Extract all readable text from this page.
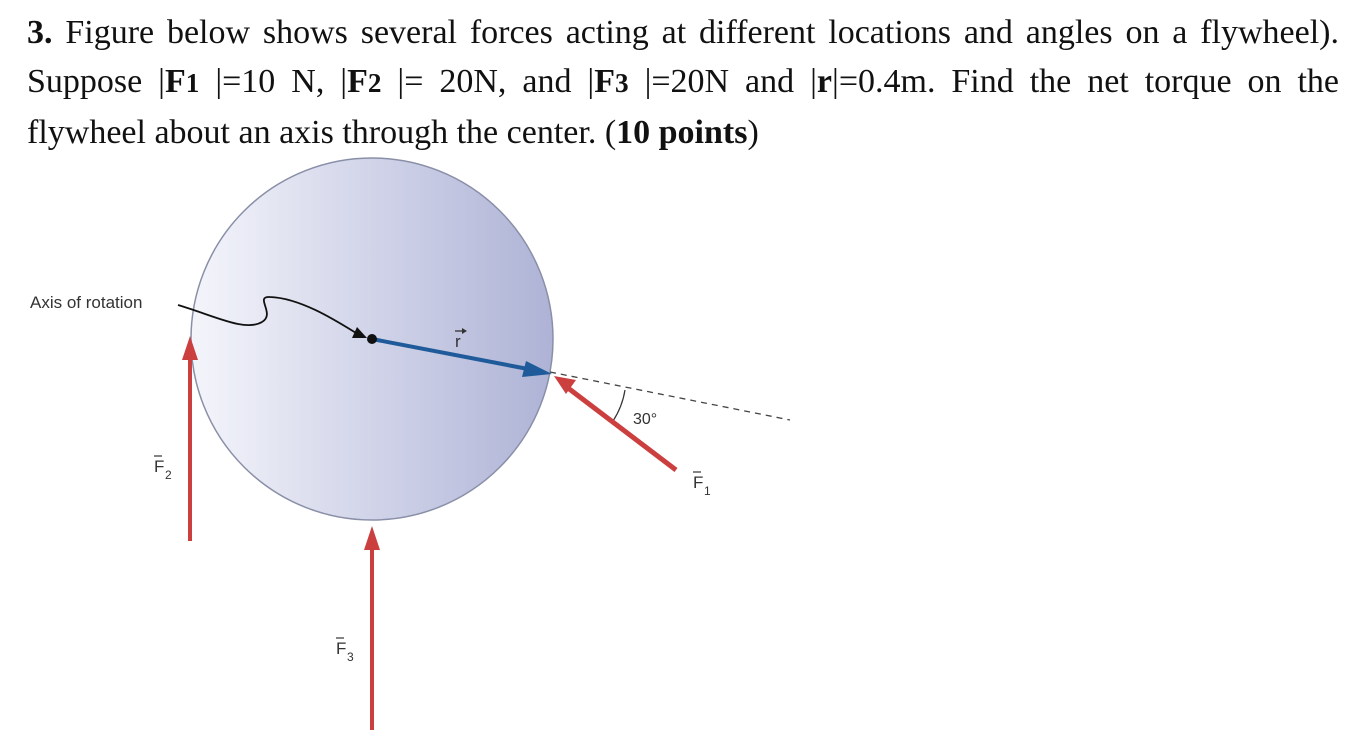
3. Figure below shows several forces acting at different locations and angles on a flywheel). Suppose |F1 |=10 N, |F2 |= 20N, and |F3 |=20N and |r|=0.4m. Find the net torque on the flywheel about an axis through the center. (10 points)
30°
r
Axis of rotation
F 1
F 2
F 3
